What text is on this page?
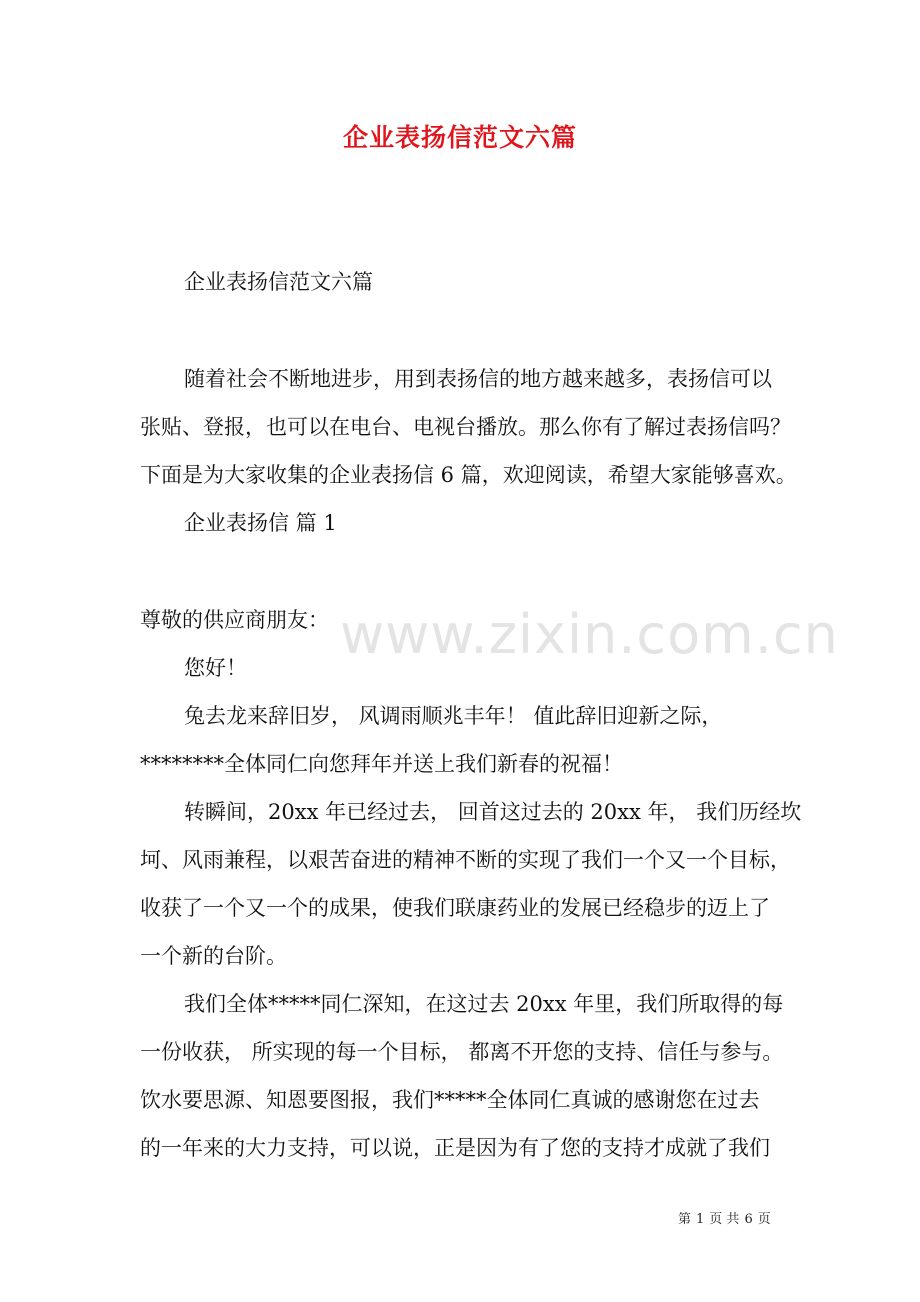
企业表扬信范文六篇
企业表扬信范文六篇
随着社会不断地进步，用到表扬信的地方越来越多，表扬信可以
张贴、登报，也可以在电台、电视台播放。那么你有了解过表扬信吗？
下面是为大家收集的企业表扬信 6 篇，欢迎阅读，希望大家能够喜欢。
企业表扬信 篇 1
尊敬的供应商朋友： www.zixin.com.cn
您好！
兔去龙来辞旧岁， 风调雨顺兆丰年！ 值此辞旧迎新之际，
********全体同仁向您拜年并送上我们新春的祝福！
转瞬间，20xx 年已经过去， 回首这过去的 20xx 年， 我们历经坎
坷、风雨兼程，以艰苦奋进的精神不断的实现了我们一个又一个目标，
收获了一个又一个的成果，使我们联康药业的发展已经稳步的迈上了
一个新的台阶。
我们全体*****同仁深知，在这过去 20xx 年里，我们所取得的每
一份收获， 所实现的每一个目标， 都离不开您的支持、信任与参与。
饮水要思源、知恩要图报，我们*****全体同仁真诚的感谢您在过去
的一年来的大力支持，可以说，正是因为有了您的支持才成就了我们
第 1 页 共 6 页
